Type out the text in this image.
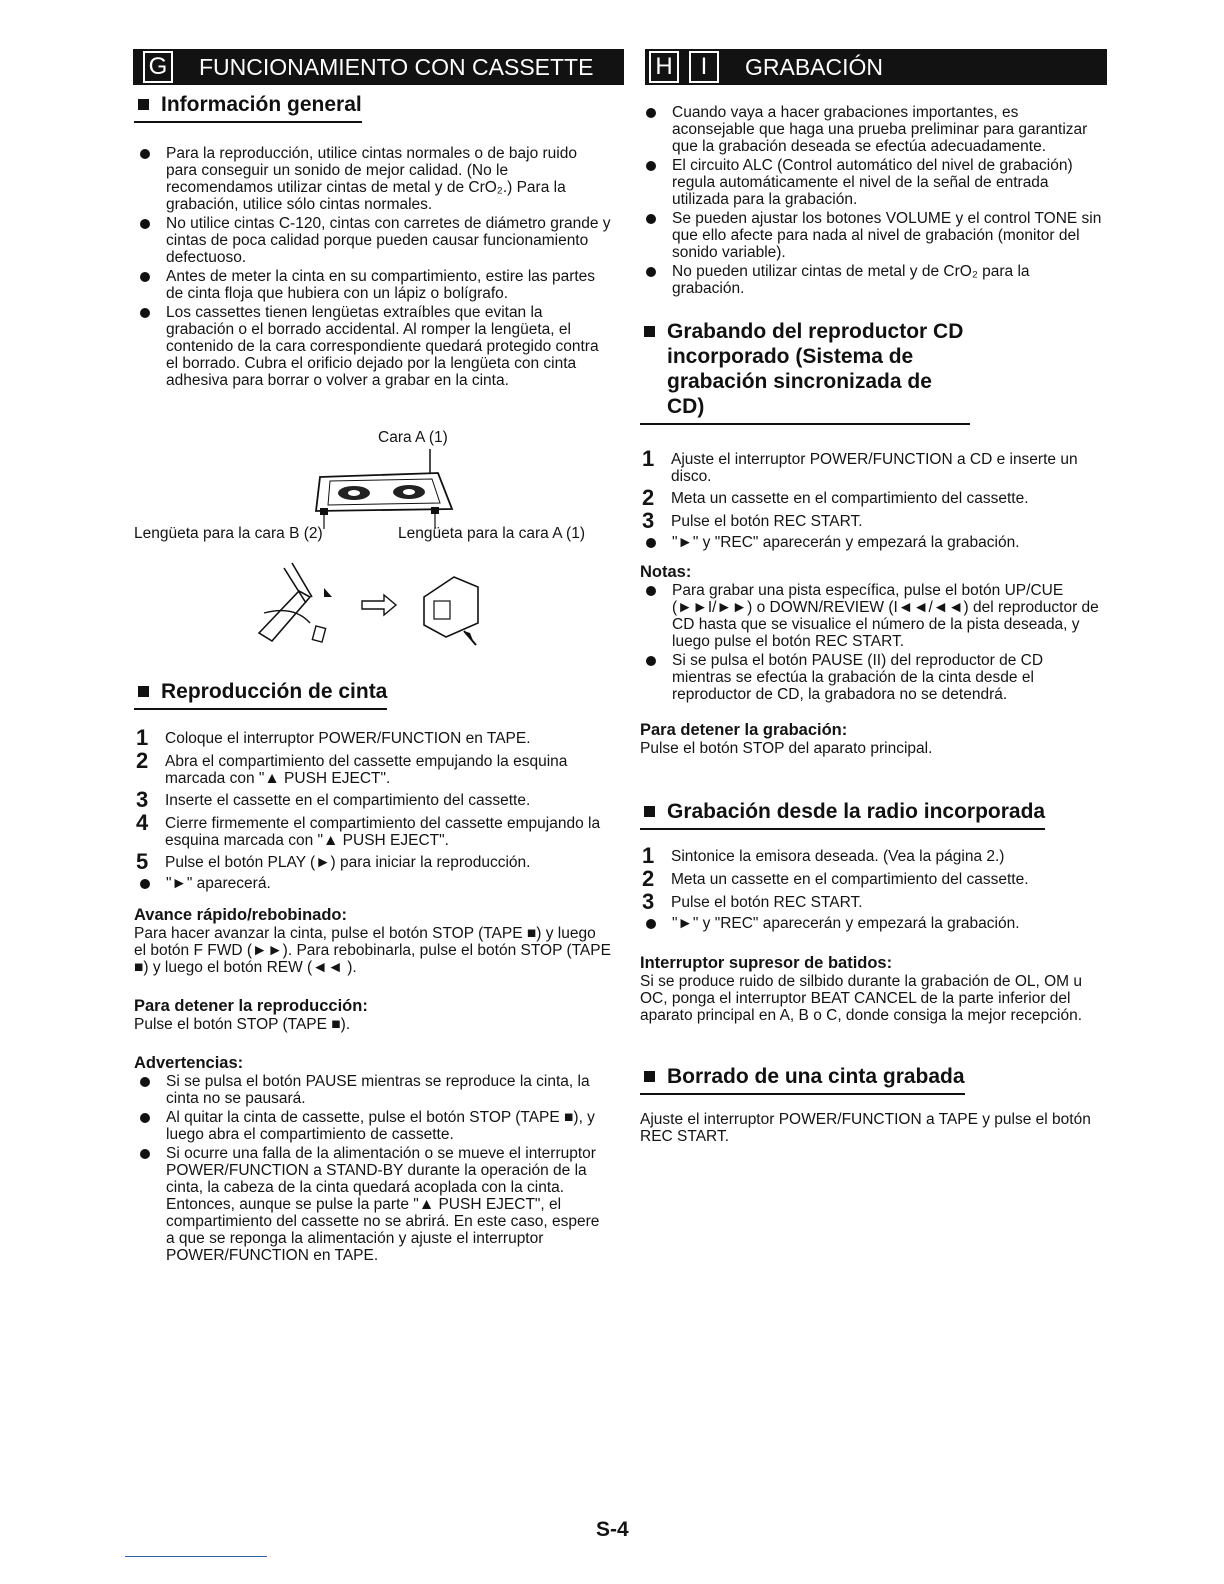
G FUNCIONAMIENTO CON CASSETTE	H	I	GRABACIÓN
Información general
Para la reproducción, utilice cintas normales o de bajo ruido para conseguir un sonido de mejor calidad. (No le recomendamos utilizar cintas de metal y de CrO₂.) Para la grabación, utilice sólo cintas normales.
No utilice cintas C-120, cintas con carretes de diámetro grande y cintas de poca calidad porque pueden causar funcionamiento defectuoso.
Antes de meter la cinta en su compartimiento, estire las partes de cinta floja que hubiera con un lápiz o bolígrafo.
Los cassettes tienen lengüetas extraíbles que evitan la grabación o el borrado accidental. Al romper la lengüeta, el contenido de la cara correspondiente quedará protegido contra el borrado. Cubra el orificio dejado por la lengüeta con cinta adhesiva para borrar o volver a grabar en la cinta.
Cara A (1)
Lengüeta para la cara B (2)	Lengüeta para la cara A (1)
Reproducción de cinta
1	Coloque el interruptor POWER/FUNCTION en TAPE.
2	Abra el compartimiento del cassette empujando la esquina marcada con "▲ PUSH EJECT".
3	Inserte el cassette en el compartimiento del cassette.
4	Cierre firmemente el compartimiento del cassette empujando la esquina marcada con "▲ PUSH EJECT".
5	Pulse el botón PLAY (►) para iniciar la reproducción.
"►" aparecerá.
Avance rápido/rebobinado:

Para hacer avanzar la cinta, pulse el botón STOP (TAPE ■) y luego el botón F FWD (►►). Para rebobinarla, pulse el botón STOP (TAPE ■) y luego el botón REW (◄◄ ).

Para detener la reproducción:

Pulse el botón STOP (TAPE ■).

Advertencias:
Si se pulsa el botón PAUSE mientras se reproduce la cinta, la cinta no se pausará.
Al quitar la cinta de cassette, pulse el botón STOP (TAPE ■), y luego abra el compartimiento de cassette.
Si ocurre una falla de la alimentación o se mueve el interruptor POWER/FUNCTION a STAND-BY durante la operación de la cinta, la cabeza de la cinta quedará acoplada con la cinta. Entonces, aunque se pulse la parte "▲ PUSH EJECT", el compartimiento del cassette no se abrirá. En este caso, espere a que se reponga la alimentación y ajuste el interruptor POWER/FUNCTION en TAPE.
Cuando vaya a hacer grabaciones importantes, es aconsejable que haga una prueba preliminar para garantizar que la grabación deseada se efectúa adecuadamente.
El circuito ALC (Control automático del nivel de grabación) regula automáticamente el nivel de la señal de entrada utilizada para la grabación.
Se pueden ajustar los botones VOLUME y el control TONE sin que ello afecte para nada al nivel de grabación (monitor del sonido variable).
No pueden utilizar cintas de metal y de CrO₂ para la grabación.
Grabando del reproductor CD incorporado (Sistema de grabación sincronizada de CD)
1	Ajuste el interruptor POWER/FUNCTION a CD e inserte un disco.
2	Meta un cassette en el compartimiento del cassette.
3	Pulse el botón REC START.
"►" y "REC" aparecerán y empezará la grabación.
Notas:
Para grabar una pista específica, pulse el botón UP/CUE (►►I/►►) o DOWN/REVIEW (I◄◄/◄◄) del reproductor de CD hasta que se visualice el número de la pista deseada, y luego pulse el botón REC START.
Si se pulsa el botón PAUSE (II) del reproductor de CD mientras se efectúa la grabación de la cinta desde el reproductor de CD, la grabadora no se detendrá.
Para detener la grabación:

Pulse el botón STOP del aparato principal.

Grabación desde la radio incorporada
1	Sintonice la emisora deseada. (Vea la página 2.)
2	Meta un cassette en el compartimiento del cassette.
3	Pulse el botón REC START.
"►" y "REC" aparecerán y empezará la grabación.
Interruptor supresor de batidos:

Si se produce ruido de silbido durante la grabación de OL, OM u OC, ponga el interruptor BEAT CANCEL de la parte inferior del aparato principal en A, B o C, donde consiga la mejor recepción.

Borrado de una cinta grabada

Ajuste el interruptor POWER/FUNCTION a TAPE y pulse el botón REC START.

S-4
